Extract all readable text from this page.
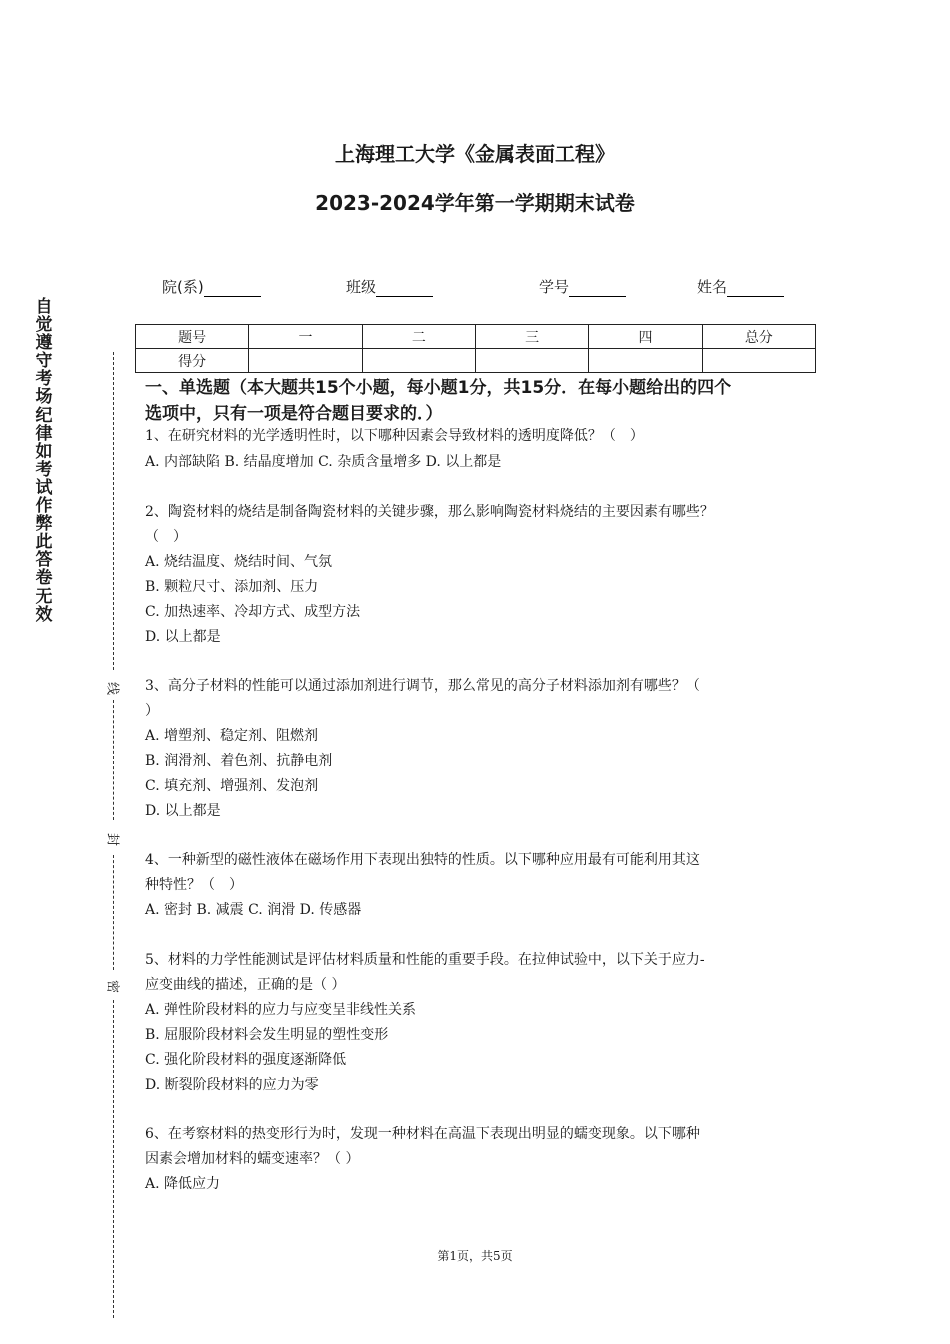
上海理工大学《金属表面工程》
2023-2024学年第一学期期末试卷
院(系)	班级	学号	姓名
题号	一	二	三	四	总分
得分					
自觉遵守考场纪律如考试作弊此答卷无效
线
封
密
一、单选题（本大题共15个小题，每小题1分，共15分．在每小题给出的四个
选项中，只有一项是符合题目要求的．）
1、在研究材料的光学透明性时，以下哪种因素会导致材料的透明度降低？（　）
A. 内部缺陷 B. 结晶度增加 C. 杂质含量增多 D. 以上都是
2、陶瓷材料的烧结是制备陶瓷材料的关键步骤，那么影响陶瓷材料烧结的主要因素有哪些？
（　）
A. 烧结温度、烧结时间、气氛
B. 颗粒尺寸、添加剂、压力
C. 加热速率、冷却方式、成型方法
D. 以上都是
3、高分子材料的性能可以通过添加剂进行调节，那么常见的高分子材料添加剂有哪些？（
）
A. 增塑剂、稳定剂、阻燃剂
B. 润滑剂、着色剂、抗静电剂
C. 填充剂、增强剂、发泡剂
D. 以上都是
4、一种新型的磁性液体在磁场作用下表现出独特的性质。以下哪种应用最有可能利用其这
种特性？（　）
A. 密封 B. 减震 C. 润滑 D. 传感器
5、材料的力学性能测试是评估材料质量和性能的重要手段。在拉伸试验中，以下关于应力-
应变曲线的描述，正确的是（ ）
A. 弹性阶段材料的应力与应变呈非线性关系
B. 屈服阶段材料会发生明显的塑性变形
C. 强化阶段材料的强度逐渐降低
D. 断裂阶段材料的应力为零
6、在考察材料的热变形行为时，发现一种材料在高温下表现出明显的蠕变现象。以下哪种
因素会增加材料的蠕变速率？（ ）
A. 降低应力
第1页，共5页
